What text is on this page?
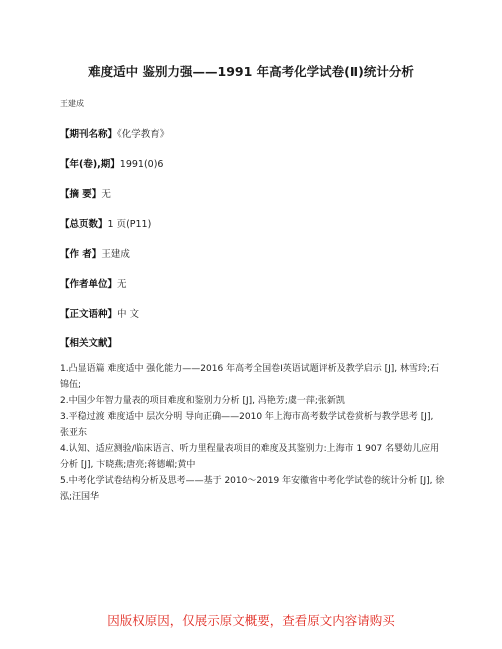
难度适中 鉴别力强——1991 年高考化学试卷(Ⅱ)统计分析
王建成
【期刊名称】《化学教育》
【年(卷),期】1991(0)6
【摘 要】无
【总页数】1 页(P11)
【作 者】王建成
【作者单位】无
【正文语种】中 文
【相关文献】

1.凸显语篇 难度适中 强化能力——2016 年高考全国卷Ⅰ英语试题评析及教学启示 [J], 林雪玲;石锦伍;

2.中国少年智力量表的项目难度和鉴别力分析 [J], 冯艳芳;虞一萍;张新凯

3.平稳过渡 难度适中 层次分明 导向正确——2010 年上海市高考数学试卷赏析与教学思考 [J], 张亚东

4.认知、适应测验/临床语言、听力里程量表项目的难度及其鉴别力:上海市 1 907 名婴幼儿应用分析 [J], 卞晓燕;唐亮;蒋德嵋;黄中

5.中考化学试卷结构分析及思考——基于 2010～2019 年安徽省中考化学试卷的统计分析 [J], 徐泓;汪国华

因版权原因，仅展示原文概要，查看原文内容请购买
